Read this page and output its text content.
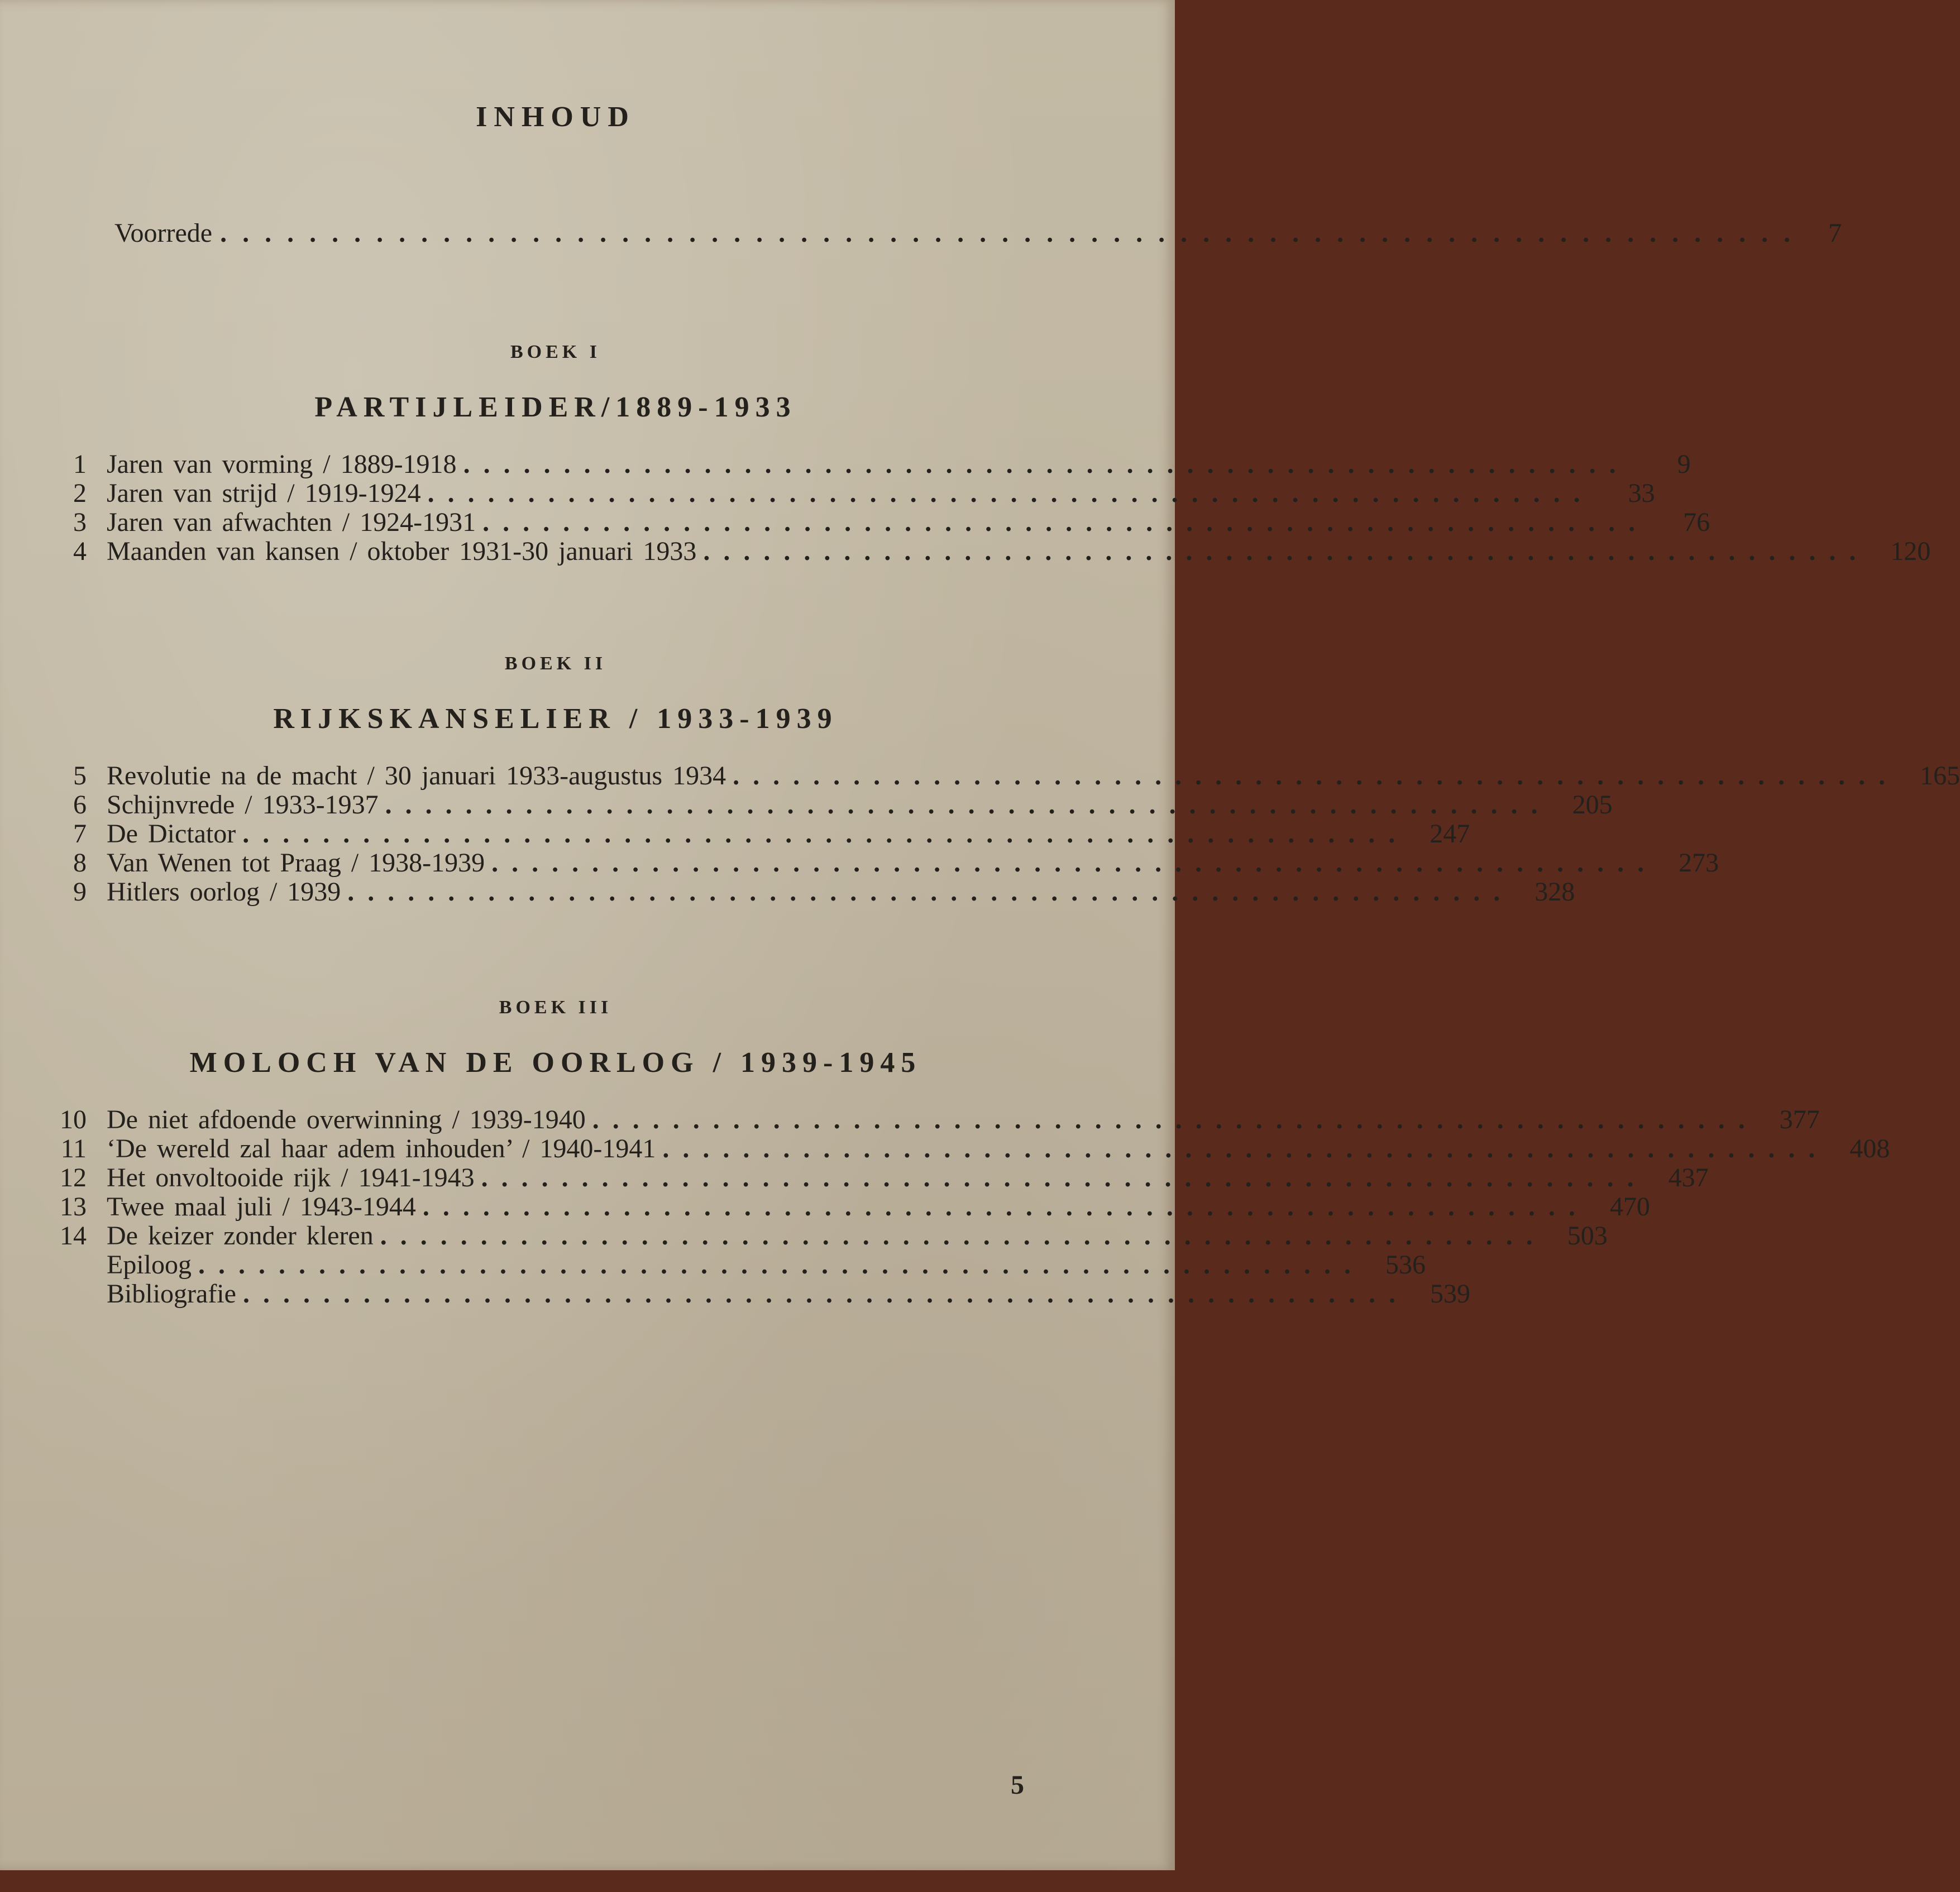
INHOUD
Voorrede ....................................................................... 7
BOEK I
PARTIJLEIDER/1889-1933
1 Jaren van vorming / 1889-1918 ..........................................................	9
2 Jaren van strijd / 1919-1924 ..........................................................	33
3 Jaren van afwachten / 1924-1931 ..........................................................	76
4 Maanden van kansen / oktober 1931-30 januari 1933 .......................................................... 120
BOEK II
RIJKSKANSELIER / 1933-1939
5 Revolutie na de macht / 30 januari 1933-augustus 1934 .......................................................... 165
6 Schijnvrede / 1933-1937 .......................................................... 205
7 De Dictator .......................................................... 247
8 Van Wenen tot Praag / 1938-1939 .......................................................... 273
9 Hitlers oorlog / 1939 .......................................................... 328
BOEK III
MOLOCH VAN DE OORLOG / 1939-1945
10 De niet afdoende overwinning / 1939-1940 .......................................................... 377
11 ‘De wereld zal haar adem inhouden’ / 1940-1941 .......................................................... 408
12 Het onvoltooide rijk / 1941-1943 .......................................................... 437
13 Twee maal juli / 1943-1944 .......................................................... 470
14 De keizer zonder kleren .......................................................... 503
Epiloog .......................................................... 536
Bibliografie .......................................................... 539
5
